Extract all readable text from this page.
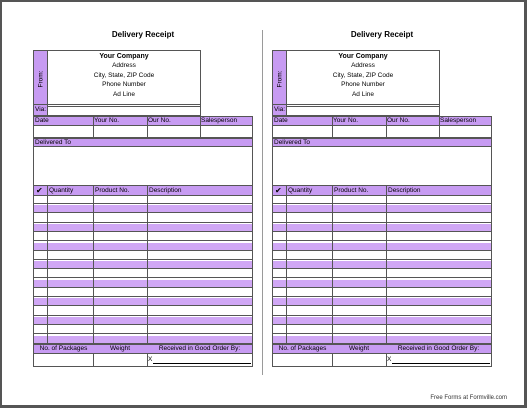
Delivery Receipt
From:
Your Company
Address
City, State, ZIP Code
Phone Number
Ad Line
Via:
Date	Your No.	Our No.	Salesperson
Delivered To
✔ Quantity	Product No.	Description
No. of Packages	Weight	Received in Good Order By:
X
Delivery Receipt
From:
Your Company
Address
City, State, ZIP Code
Phone Number
Ad Line
Via:
Date	Your No.	Our No.	Salesperson
Delivered To
✔ Quantity	Product No.	Description
No. of Packages	Weight	Received in Good Order By:
X
Free Forms at Formville.com
